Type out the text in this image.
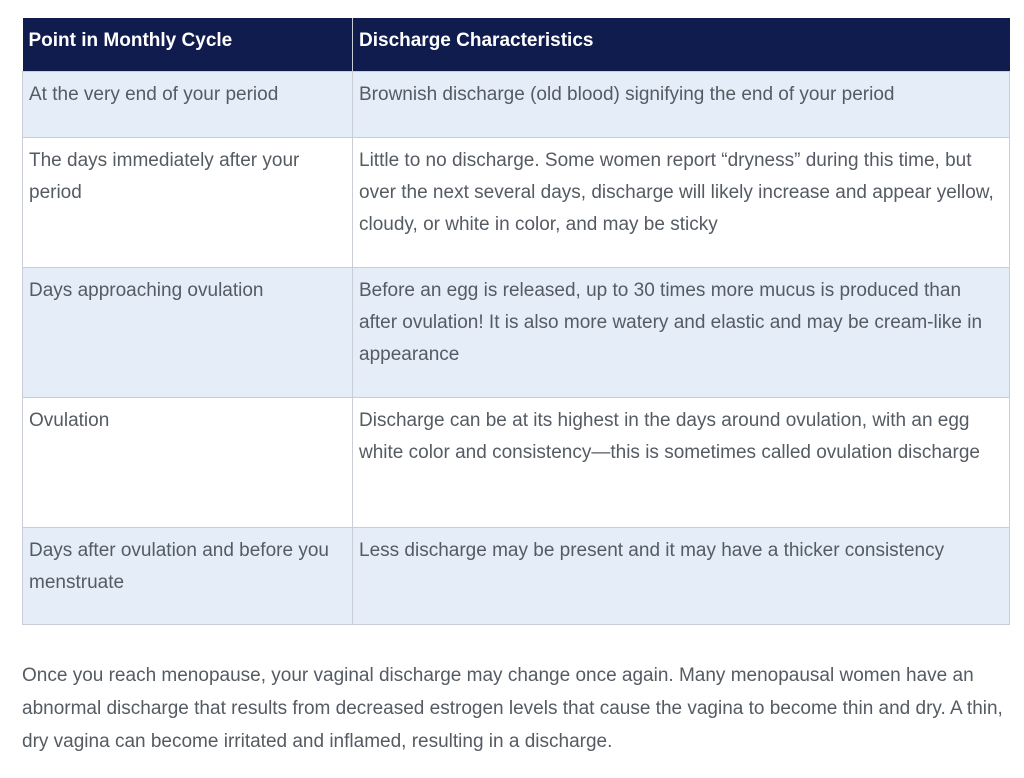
Point in Monthly Cycle	Discharge Characteristics
At the very end of your period	Brownish discharge (old blood) signifying the end of your period
The days immediately after your period	Little to no discharge. Some women report “dryness” during this time, but over the next several days, discharge will likely increase and appear yellow, cloudy, or white in color, and may be sticky
Days approaching ovulation	Before an egg is released, up to 30 times more mucus is produced than after ovulation! It is also more watery and elastic and may be cream-like in appearance
Ovulation	Discharge can be at its highest in the days around ovulation, with an egg white color and consistency—this is sometimes called ovulation discharge
Days after ovulation and before you menstruate	Less discharge may be present and it may have a thicker consistency

Once you reach menopause, your vaginal discharge may change once again. Many menopausal women have an abnormal discharge that results from decreased estrogen levels that cause the vagina to become thin and dry. A thin, dry vagina can become irritated and inflamed, resulting in a discharge.
